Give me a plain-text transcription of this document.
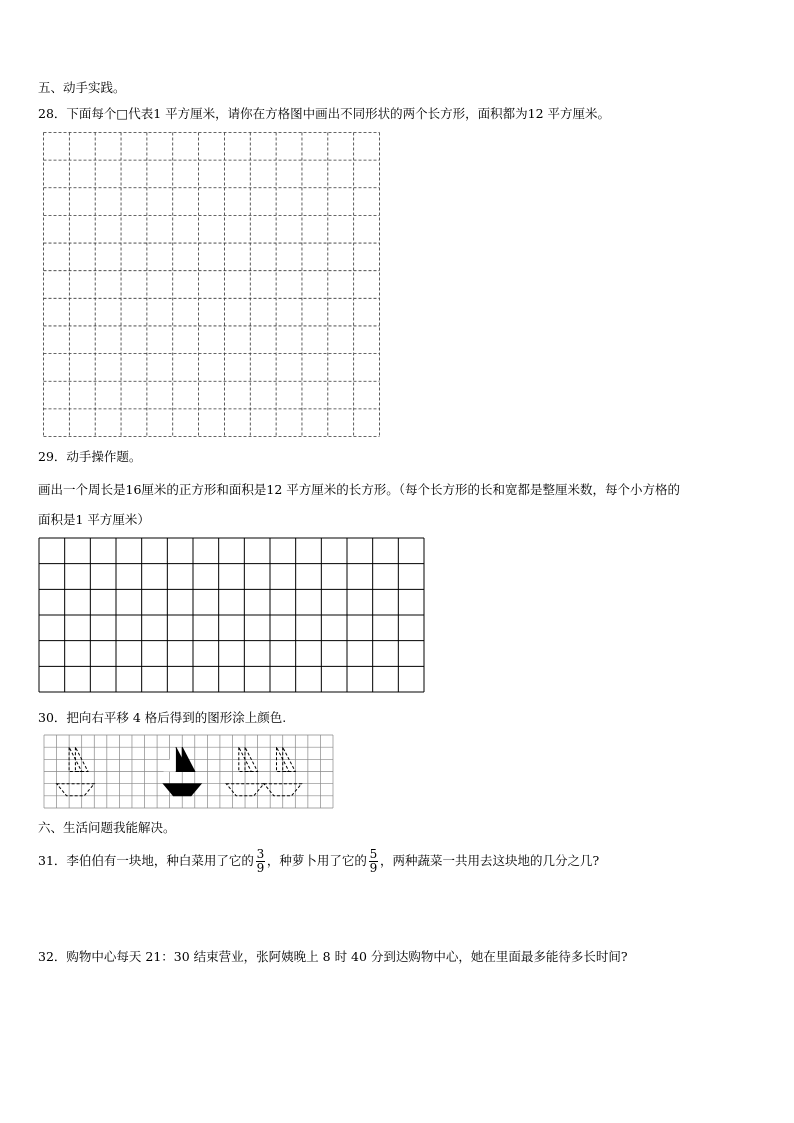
五、动手实践。
28．下面每个□代表1 平方厘米，请你在方格图中画出不同形状的两个长方形，面积都为12 平方厘米。
29．动手操作题。
画出一个周长是16厘米的正方形和面积是12 平方厘米的长方形。（每个长方形的长和宽都是整厘米数，每个小方格的
面积是1 平方厘米）
30．把向右平移 4 格后得到的图形涂上颜色.
六、生活问题我能解决。
31．李伯伯有一块地，种白菜用了它的 $\frac{3}{9}$ ，种萝卜用了它的 $\frac{5}{9}$ ，两种蔬菜一共用去这块地的几分之几?
32．购物中心每天 21：30 结束营业，张阿姨晚上 8 时 40 分到达购物中心，她在里面最多能待多长时间?
